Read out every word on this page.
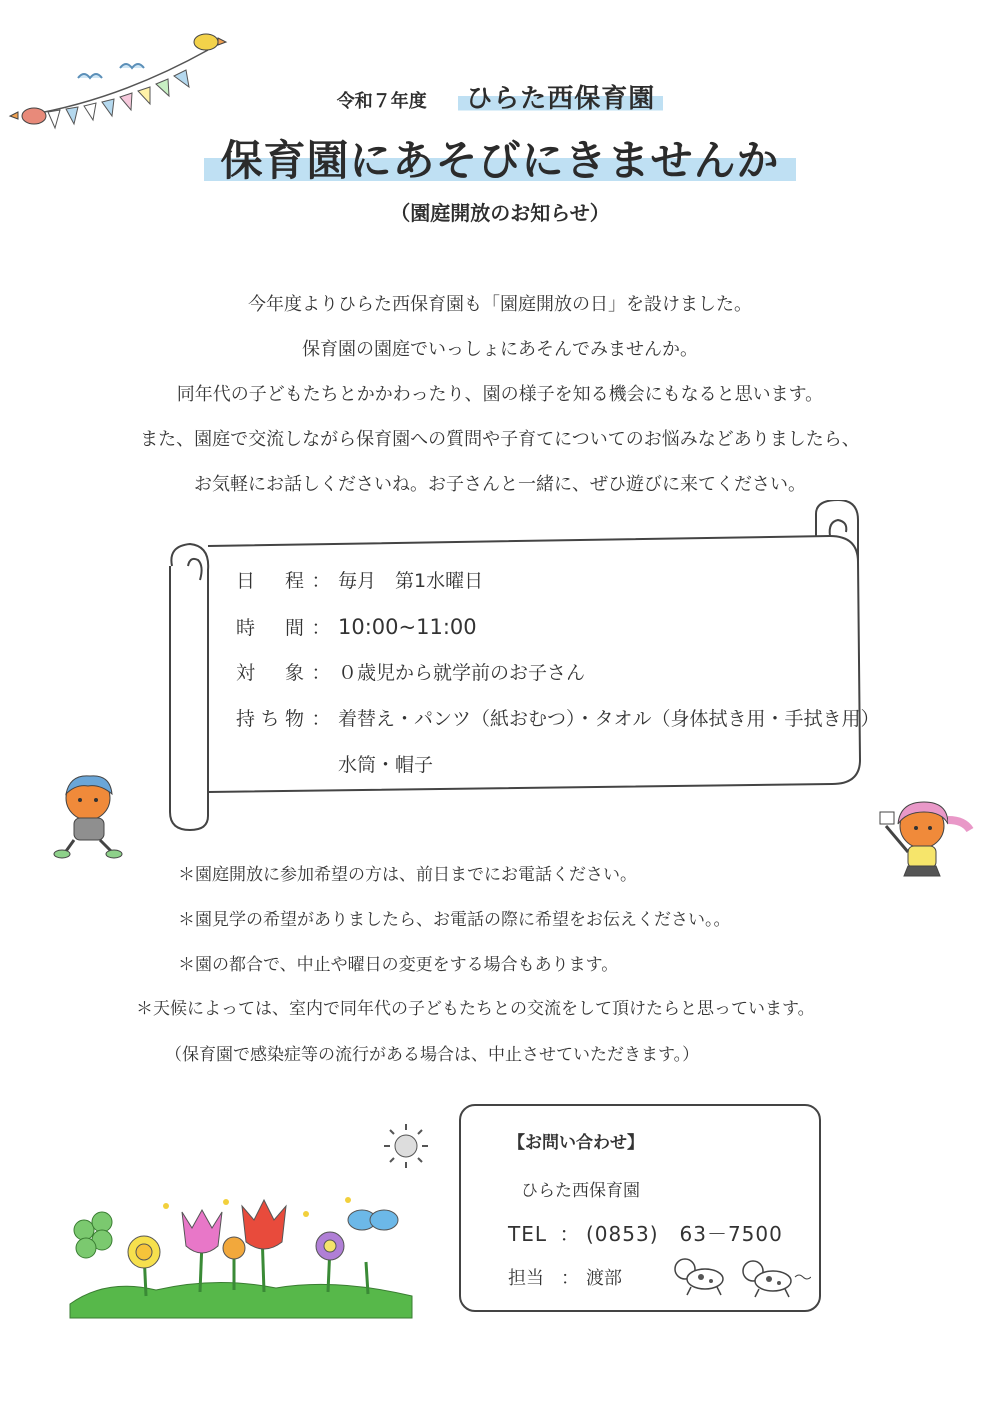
令和７年度 ひらた西保育園
保育園にあそびにきませんか
（園庭開放のお知らせ）

今年度よりひらた西保育園も「園庭開放の日」を設けました。

保育園の園庭でいっしょにあそんでみませんか。

同年代の子どもたちとかかわったり、園の様子を知る機会にもなると思います。

また、園庭で交流しながら保育園への質問や子育てについてのお悩みなどありましたら、

お気軽にお話しくださいね。お子さんと一緒に、ぜひ遊びに来てください。

日程 ： 毎月　第1水曜日
時間 ： 10:00~11:00
対象 ： ０歳児から就学前のお子さん
持ち物 ： 着替え・パンツ（紙おむつ）・タオル（身体拭き用・手拭き用）
水筒・帽子

＊園庭開放に参加希望の方は、前日までにお電話ください。

＊園見学の希望がありましたら、お電話の際に希望をお伝えください。。

＊園の都合で、中止や曜日の変更をする場合もあります。

＊天候によっては、室内で同年代の子どもたちとの交流をして頂けたらと思っています。

（保育園で感染症等の流行がある場合は、中止させていただきます。）

【お問い合わせ】
ひらた西保育園
TEL ： (0853)　63－7500
担当 ： 渡部
